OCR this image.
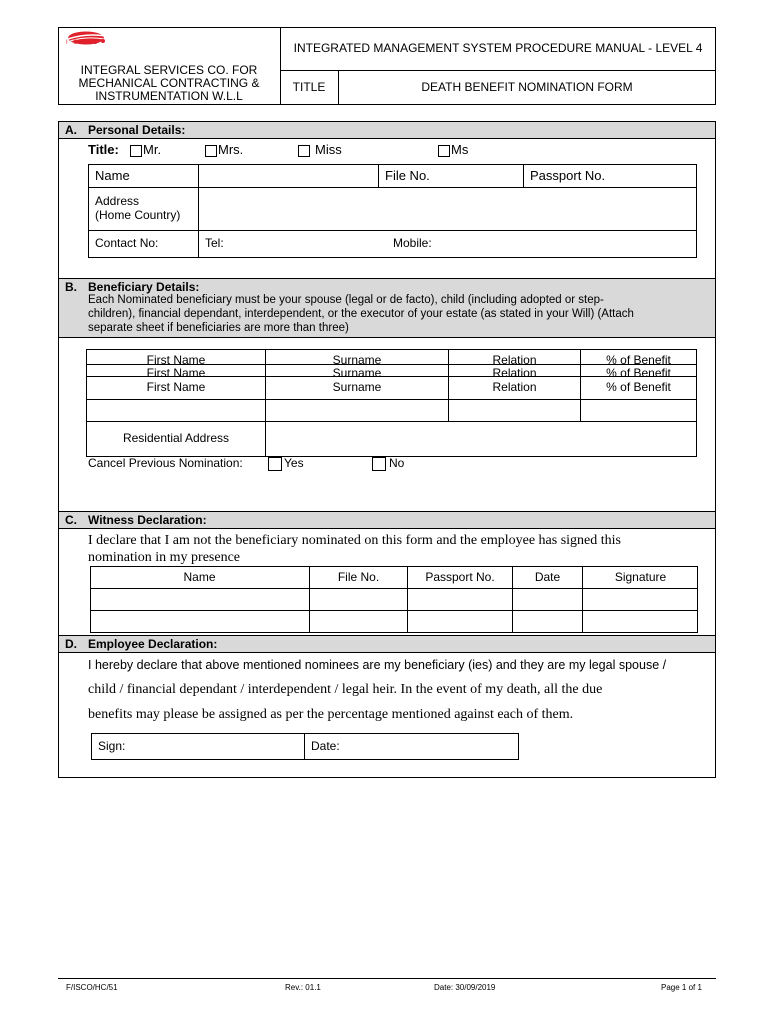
I S C O
INTEGRAL SERVICES CO. FOR
MECHANICAL CONTRACTING &
INSTRUMENTATION W.L.L
INTEGRATED MANAGEMENT SYSTEM PROCEDURE MANUAL - LEVEL 4
TITLE	DEATH BENEFIT NOMINATION FORM
A. Personal Details:
Title: Mr.	Mrs.	Miss	Ms
Name	File No.	Passport No.
Address
(Home Country)
Contact No:	Tel:	Mobile:
B. Beneficiary Details:
Each Nominated beneficiary must be your spouse (legal or de facto), child (including adopted or step-
children), financial dependant, interdependent, or the executor of your estate (as stated in your Will) (Attach
separate sheet if beneficiaries are more than three)
First Name	Surname	Relation	% of Benefit
First Name	Surname	Relation	% of Benefit
First Name	Surname	Relation	% of Benefit
Residential Address
Cancel Previous Nomination:	Yes	No
C. Witness Declaration:
I declare that I am not the beneficiary nominated on this form and the employee has signed this
nomination in my presence
Name	File No.	Passport No.	Date	Signature
D. Employee Declaration:
I hereby declare that above mentioned nominees are my beneficiary (ies) and they are my legal spouse /
child / financial dependant / interdependent / legal heir. In the event of my death, all the due
benefits may please be assigned as per the percentage mentioned against each of them.
Sign:	Date:
F/ISCO/HC/51	Rev.: 01.1	Date: 30/09/2019	Page 1 of 1
